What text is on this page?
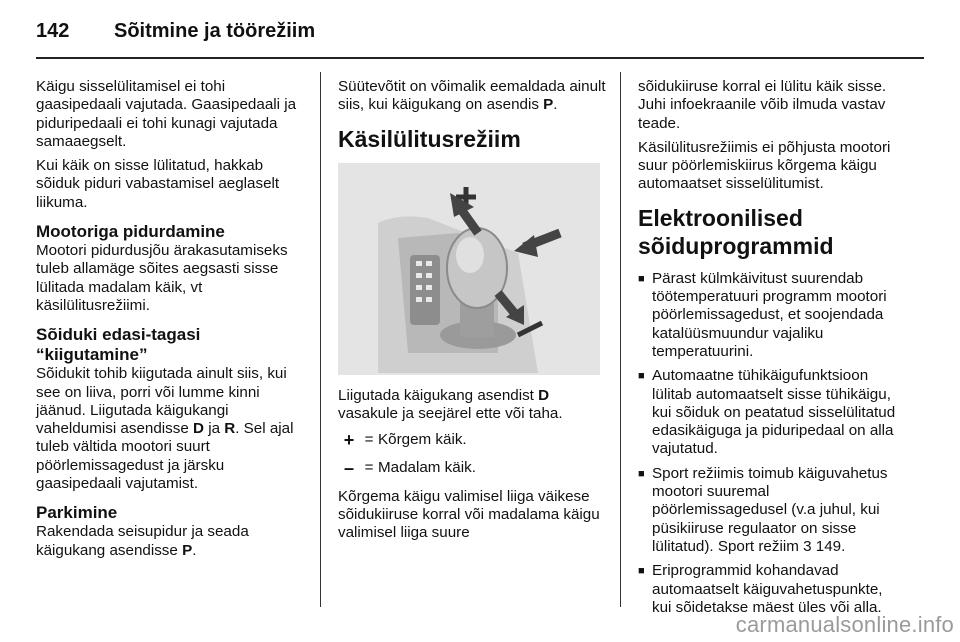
142 Sõitmine ja töörežiim

Käigu sisselülitamisel ei tohi gaasipedaali vajutada. Gaasipedaali ja piduripedaali ei tohi kunagi vajutada samaaegselt.

Kui käik on sisse lülitatud, hakkab sõiduk piduri vabastamisel aeglaselt liikuma.

Mootoriga pidurdamine

Mootori pidurdusjõu ärakasutamiseks tuleb allamäge sõites aegsasti sisse lülitada madalam käik, vt käsilülitusrežiimi.

Sõiduki edasi-tagasi
“kiigutamine”

Sõidukit tohib kiigutada ainult siis, kui see on liiva, porri või lumme kinni jäänud. Liigutada käigukangi vaheldumisi asendisse D ja R. Sel ajal tuleb vältida mootori suurt pöörlemissagedust ja järsku gaasipedaali vajutamist.

Parkimine

Rakendada seisupidur ja seada käigukang asendisse P.

Süütevõtit on võimalik eemaldada ainult siis, kui käigukang on asendis P.

Käsilülitusrežiim

Liigutada käigukang asendist D vasakule ja seejärel ette või taha.

+ = Kõrgem käik.
– = Madalam käik.

Kõrgema käigu valimisel liiga väikese sõidukiiruse korral või madalama käigu valimisel liiga suure

sõidukiiruse korral ei lülitu käik sisse. Juhi infoekraanile võib ilmuda vastav teade.

Käsilülitusrežiimis ei põhjusta mootori suur pöörlemiskiirus kõrgema käigu automaatset sisselülitumist.

Elektroonilised
sõiduprogrammid
■ Pärast külmkäivitust suurendab töötemperatuuri programm mootori pöörlemissagedust, et soojendada katalüüsmuundur vajaliku temperatuurini.
■ Automaatne tühikäigufunktsioon lülitab automaatselt sisse tühikäigu, kui sõiduk on peatatud sisselülitatud edasikäiguga ja piduripedaal on alla vajutatud.
■ Sport režiimis toimub käiguvahetus mootori suuremal pöörlemissagedusel (v.a juhul, kui püsikiiruse regulaator on sisse lülitatud). Sport režiim 3 149.
■ Eriprogrammid kohandavad automaatselt käiguvahetuspunkte, kui sõidetakse mäest üles või alla.
carmanualsonline.info
